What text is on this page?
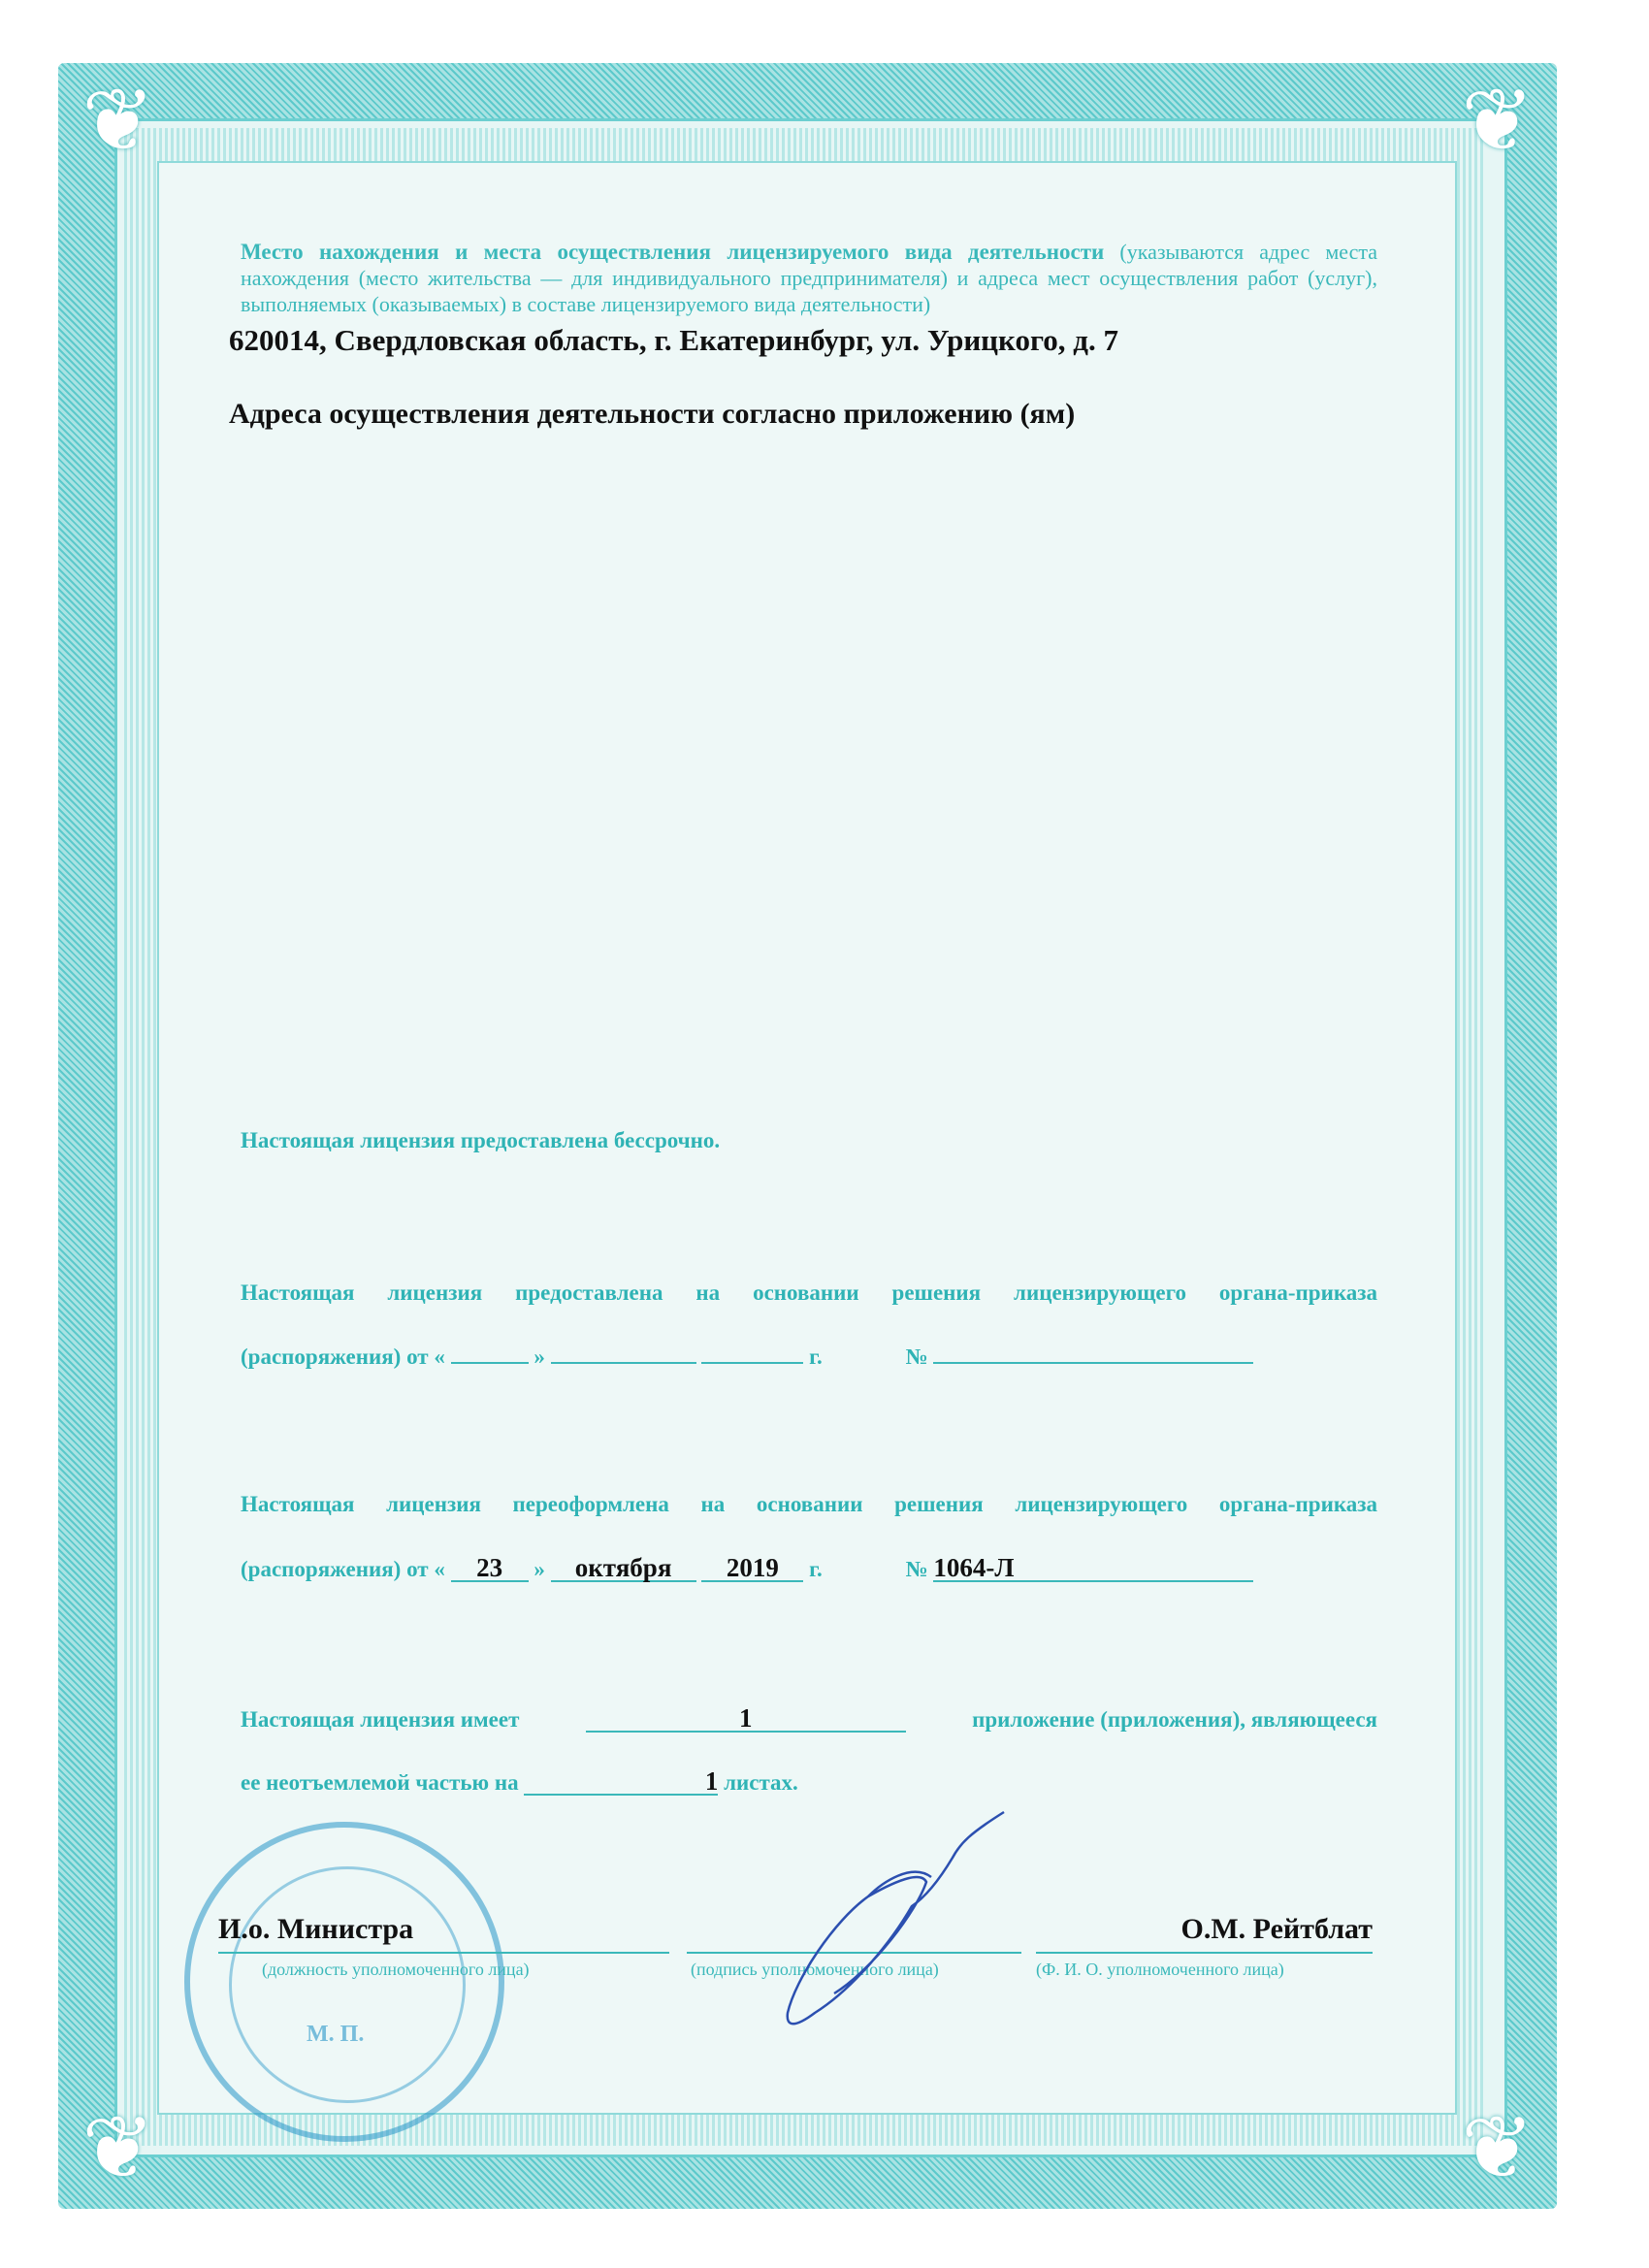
❦	❦
❦	❦
Место нахождения и места осуществления лицензируемого вида деятельности (указываются адрес места нахождения (место жительства — для индивидуального предпринимателя) и адреса мест осуществления работ (услуг), выполняемых (оказываемых) в составе лицензируемого вида деятельности)
620014, Свердловская область, г. Екатеринбург, ул. Урицкого, д. 7
Адреса осуществления деятельности согласно приложению (ям)
Настоящая лицензия предоставлена бессрочно.
Настоящая лицензия предоставлена на основании решения лицензирующего органа-приказа
(распоряжения) от «	»	г.	№
Настоящая лицензия переоформлена на основании решения лицензирующего органа-приказа
(распоряжения) от « 23 » октября 2019 г.	№ 1064-Л
Настоящая лицензия имеет	1	приложение (приложения), являющееся
ее неотъемлемой частью на	1 листах.
М. П.
И.о. Министра	О.М. Рейтблат
(должность уполномоченного лица)	(подпись уполномоченного лица)	(Ф. И. О. уполномоченного лица)
